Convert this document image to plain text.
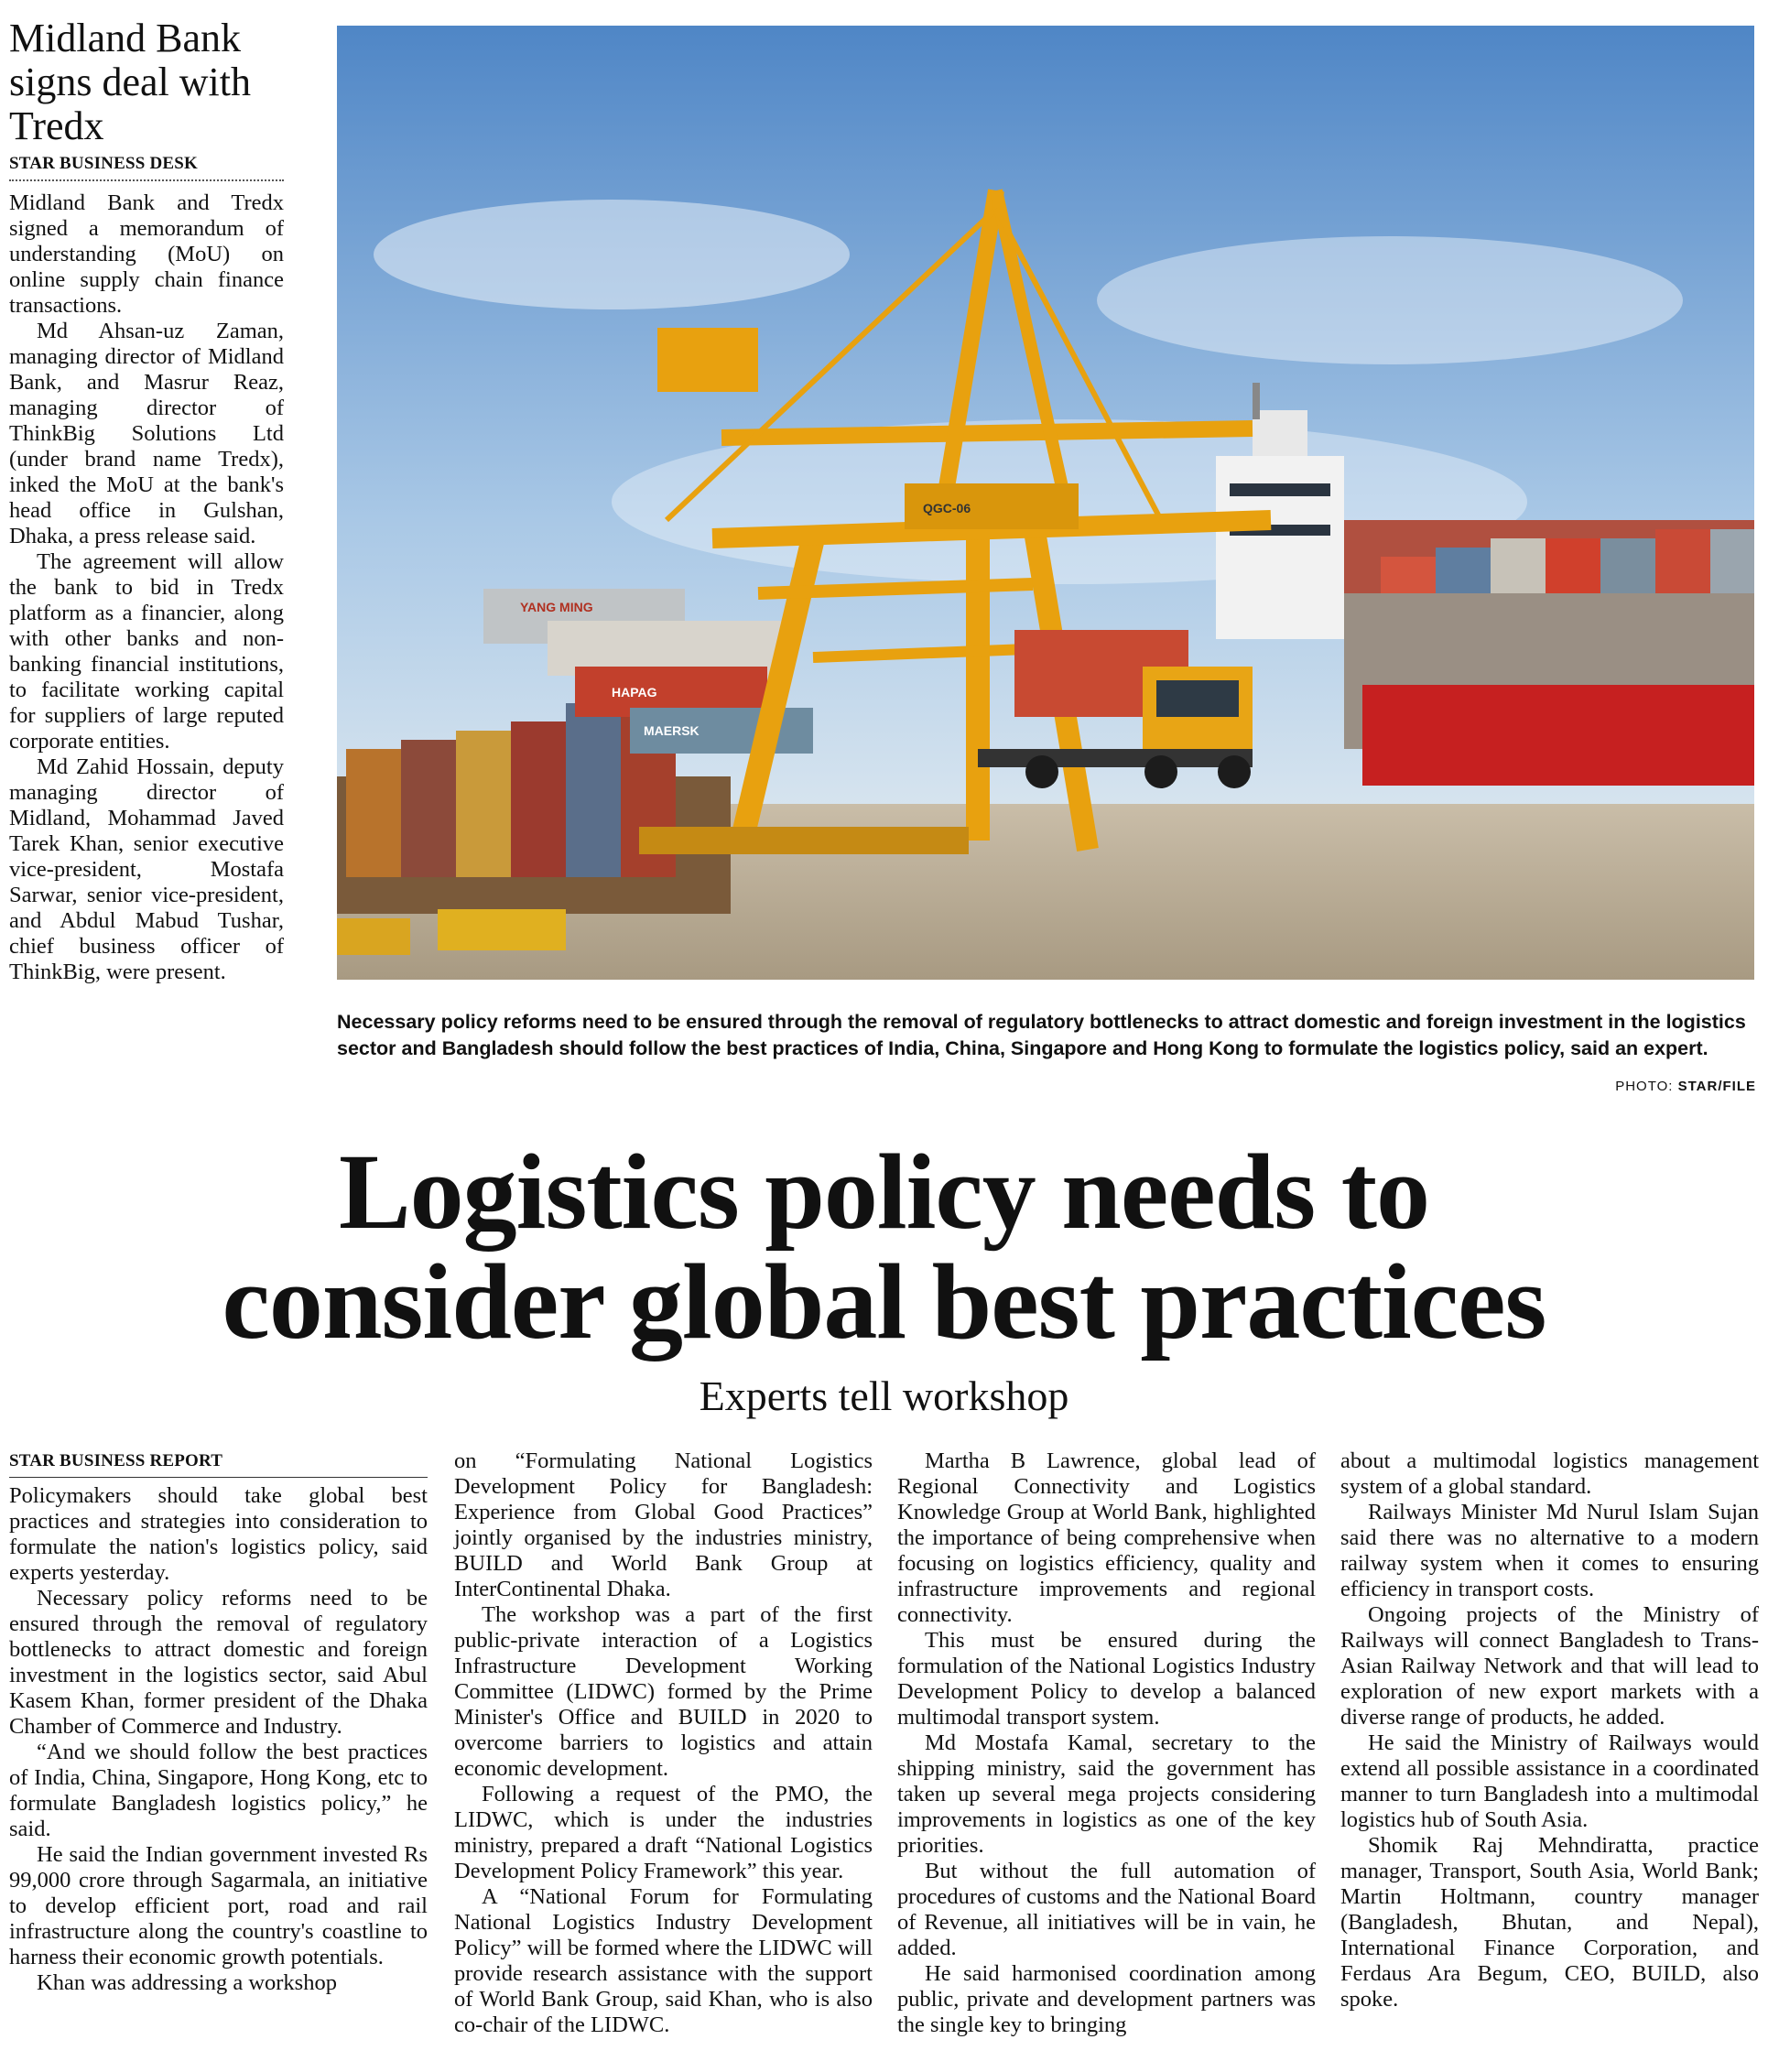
Midland Bank signs deal with Tredx
STAR BUSINESS DESK

Midland Bank and Tredx signed a memorandum of understanding (MoU) on online supply chain finance transactions.

Md Ahsan-uz Zaman, managing director of Midland Bank, and Masrur Reaz, managing director of ThinkBig Solutions Ltd (under brand name Tredx), inked the MoU at the bank's head office in Gulshan, Dhaka, a press release said.

The agreement will allow the bank to bid in Tredx platform as a financier, along with other banks and non-banking financial institutions, to facilitate working capital for suppliers of large reputed corporate entities.

Md Zahid Hossain, deputy managing director of Midland, Mohammad Javed Tarek Khan, senior executive vice-president, Mostafa Sarwar, senior vice-president, and Abdul Mabud Tushar, chief business officer of ThinkBig, were present.

YANG MING
HAPAG
MAERSK
QGC-06
Necessary policy reforms need to be ensured through the removal of regulatory bottlenecks to attract domestic and foreign investment in the logistics sector and Bangladesh should follow the best practices of India, China, Singapore and Hong Kong to formulate the logistics policy, said an expert.
PHOTO: STAR/FILE
Logistics policy needs to
consider global best practices
Experts tell workshop
STAR BUSINESS REPORT

Policymakers should take global best practices and strategies into consideration to formulate the nation's logistics policy, said experts yesterday.

Necessary policy reforms need to be ensured through the removal of regulatory bottlenecks to attract domestic and foreign investment in the logistics sector, said Abul Kasem Khan, former president of the Dhaka Chamber of Commerce and Industry.

“And we should follow the best practices of India, China, Singapore, Hong Kong, etc to formulate Bangladesh logistics policy,” he said.

He said the Indian government invested Rs 99,000 crore through Sagarmala, an initiative to develop efficient port, road and rail infrastructure along the country's coastline to harness their economic growth potentials.

Khan was addressing a workshop

on “Formulating National Logistics Development Policy for Bangladesh: Experience from Global Good Practices” jointly organised by the industries ministry, BUILD and World Bank Group at InterContinental Dhaka.

The workshop was a part of the first public-private interaction of a Logistics Infrastructure Development Working Committee (LIDWC) formed by the Prime Minister's Office and BUILD in 2020 to overcome barriers to logistics and attain economic development.

Following a request of the PMO, the LIDWC, which is under the industries ministry, prepared a draft “National Logistics Development Policy Framework” this year.

A “National Forum for Formulating National Logistics Industry Development Policy” will be formed where the LIDWC will provide research assistance with the support of World Bank Group, said Khan, who is also co-chair of the LIDWC.

Martha B Lawrence, global lead of Regional Connectivity and Logistics Knowledge Group at World Bank, highlighted the importance of being comprehensive when focusing on logistics efficiency, quality and infrastructure improvements and regional connectivity.

This must be ensured during the formulation of the National Logistics Industry Development Policy to develop a balanced multimodal transport system.

Md Mostafa Kamal, secretary to the shipping ministry, said the government has taken up several mega projects considering improvements in logistics as one of the key priorities.

But without the full automation of procedures of customs and the National Board of Revenue, all initiatives will be in vain, he added.

He said harmonised coordination among public, private and development partners was the single key to bringing

about a multimodal logistics management system of a global standard.

Railways Minister Md Nurul Islam Sujan said there was no alternative to a modern railway system when it comes to ensuring efficiency in transport costs.

Ongoing projects of the Ministry of Railways will connect Bangladesh to Trans-Asian Railway Network and that will lead to exploration of new export markets with a diverse range of products, he added.

He said the Ministry of Railways would extend all possible assistance in a coordinated manner to turn Bangladesh into a multimodal logistics hub of South Asia.

Shomik Raj Mehndiratta, practice manager, Transport, South Asia, World Bank; Martin Holtmann, country manager (Bangladesh, Bhutan, and Nepal), International Finance Corporation, and Ferdaus Ara Begum, CEO, BUILD, also spoke.
